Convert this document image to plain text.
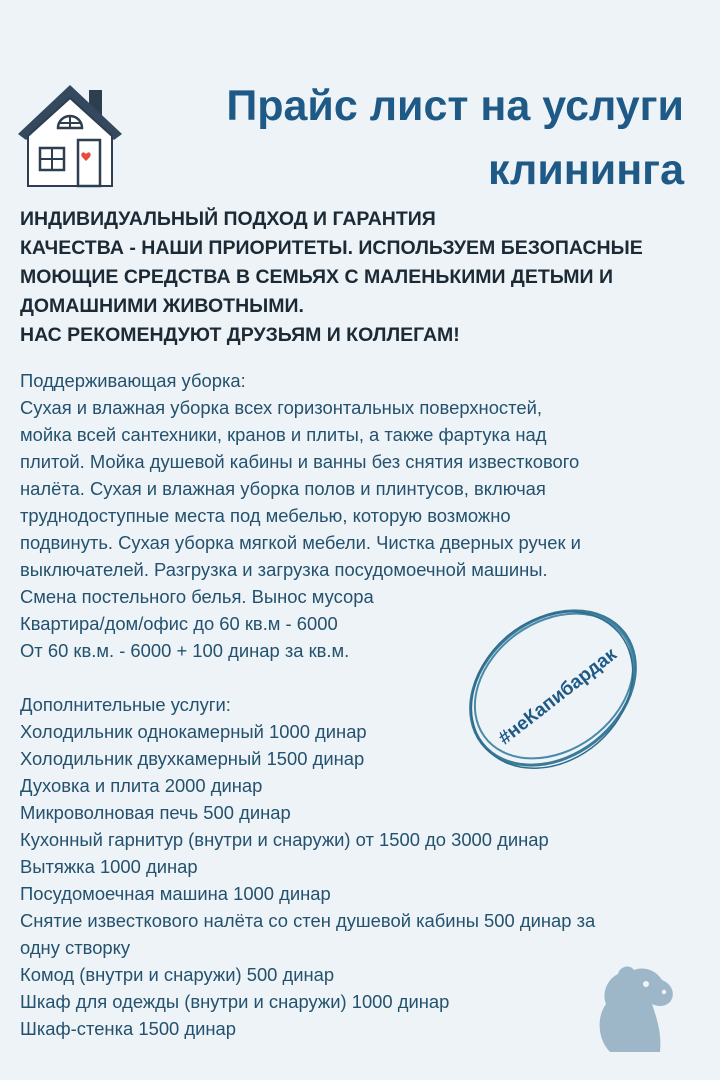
Прайс лист на услуги
клининга

ИНДИВИДУАЛЬНЫЙ ПОДХОД И ГАРАНТИЯ
КАЧЕСТВА - НАШИ ПРИОРИТЕТЫ. ИСПОЛЬЗУЕМ БЕЗОПАСНЫЕ
МОЮЩИЕ СРЕДСТВА В СЕМЬЯХ С МАЛЕНЬКИМИ ДЕТЬМИ И
ДОМАШНИМИ ЖИВОТНЫМИ.
НАС РЕКОМЕНДУЮТ ДРУЗЬЯМ И КОЛЛЕГАМ!

Поддерживающая уборка:
Сухая и влажная уборка всех горизонтальных поверхностей,
мойка всей сантехники, кранов и плиты, а также фартука над
плитой. Мойка душевой кабины и ванны без снятия известкового
налёта. Сухая и влажная уборка полов и плинтусов, включая
труднодоступные места под мебелью, которую возможно
подвинуть. Сухая уборка мягкой мебели. Чистка дверных ручек и
выключателей. Разгрузка и загрузка посудомоечной машины.
Смена постельного белья. Вынос мусора
Квартира/дом/офис до 60 кв.м - 6000
От 60 кв.м. - 6000 + 100 динар за кв.м.
Дополнительные услуги:
Холодильник однокамерный 1000 динар
Холодильник двухкамерный 1500 динар
Духовка и плита 2000 динар
Микроволновая печь 500 динар
Кухонный гарнитур (внутри и снаружи) от 1500 до 3000 динар
Вытяжка 1000 динар
Посудомоечная машина 1000 динар
Снятие известкового налёта со стен душевой кабины 500 динар за
одну створку
Комод (внутри и снаружи) 500 динар
Шкаф для одежды (внутри и снаружи) 1000 динар
Шкаф-стенка 1500 динар
#неКапибардак
